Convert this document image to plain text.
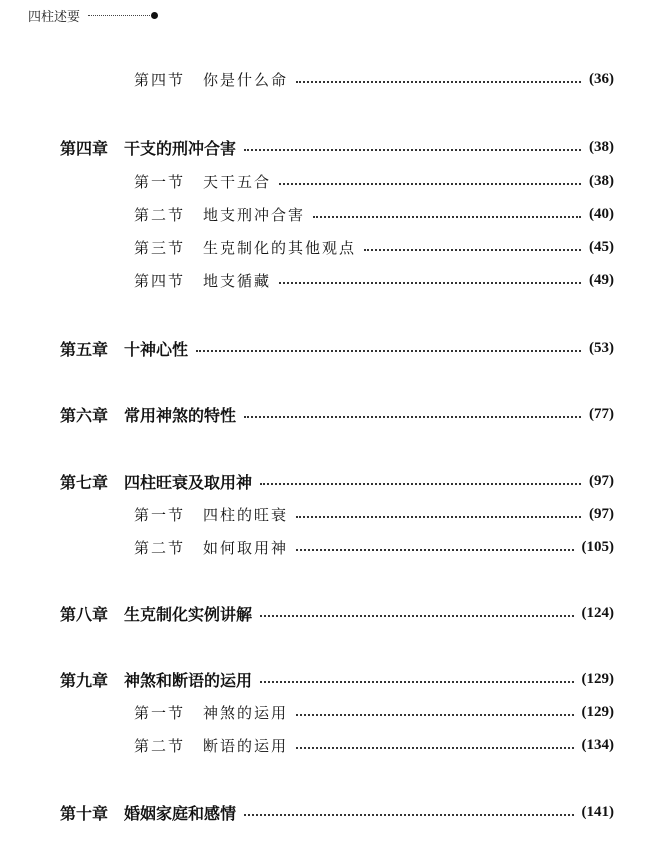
四柱述要
第四节 你是什么命	(36)
第四章 干支的刑冲合害	(38)
第一节 天干五合	(38)
第二节 地支刑冲合害	(40)
第三节 生克制化的其他观点	(45)
第四节 地支循藏	(49)
第五章 十神心性	(53)
第六章 常用神煞的特性	(77)
第七章 四柱旺衰及取用神	(97)
第一节 四柱的旺衰	(97)
第二节 如何取用神	(105)
第八章 生克制化实例讲解	(124)
第九章 神煞和断语的运用	(129)
第一节 神煞的运用	(129)
第二节 断语的运用	(134)
第十章 婚姻家庭和感情	(141)
